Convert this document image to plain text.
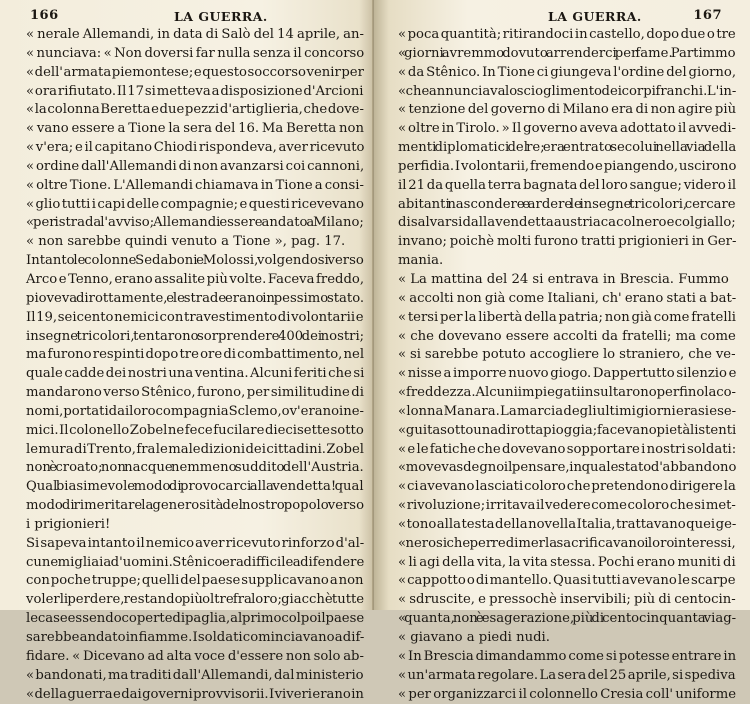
166	LA GUERRA.
« nerale Allemandi, in data di Salò del 14 aprile, an-
« nunciava: « Non doversi far nulla senza il concorso
« dell' armata piemontese; e questo soccorso venir per
« ora rifiutato. Il 17 si metteva a disposizione d'Arcioni
« la colonna Beretta e due pezzi d'artiglieria, che dove-
« vano essere a Tione la sera del 16. Ma Beretta non
« v'era; e il capitano Chiodi rispondeva, aver ricevuto
« ordine dall'Allemandi di non avanzarsi coi cannoni,
« oltre Tione. L'Allemandi chiamava in Tione a consi-
« glio tutti i capi delle compagnie; e questi ricevevano
« per istrada l'avviso; Allemandi essere andato a Milano;
« non sarebbe quindi venuto a Tione », pag. 17.
Intanto le colonne Sedaboni e Molossi, volgendosi verso
Arco e Tenno, erano assalite più volte. Faceva freddo,
pioveva dirottamente, e le strade erano in pessimo stato.
Il 19, seicento nemici con travestimento di volontarii e
insegne tricolori, tentarono sorprendere 400 dei nostri;
ma furono respinti dopo tre ore di combattimento, nel
quale cadde dei nostri una ventina. Alcuni feriti che si
mandarono verso Stênico, furono, per similitudine di
nomi, portati dai loro compagni a Sclemo, ov'erano i ne-
mici. Il colonello Zobel ne fece fucilare diecisette sotto
le mura di Trento, fra le maledizioni dei cittadini. Zobel
non è croato; non nacque nemmeno suddito dell'Austria.
Qual biasimevole modo di provocarci alla vendetta! qual
modo di rimeritare la generosità del nostro popolo verso
i prigionieri!
Si sapeva intanto il nemico aver ricevuto rinforzo d'al-
cune migliaia d'uomini. Stênico era difficile a difendere
con poche truppe; quelli del paese supplicavano a non
volerli perdere, restando più oltre fra loro; giacchè tutte
le case essendo coperte di paglia, al primo colpo il paese
sarebbe andato in fiamme. I soldati cominciavano a dif-
fidare. « Dicevano ad alta voce d'essere non solo ab-
« bandonati, ma traditi dall'Allemandi, dal ministerio
« della guerra e dai governi provvisorii. I viveri erano in
LA GUERRA.	167
« poca quantità; ritirandoci in castello, dopo due o tre
« giorni avremmo dovuto arrenderci per fame. Partimmo
« da Stênico. In Tione ci giungeva l'ordine del giorno,
« che annunciava lo scioglimento dei corpi franchi. L'in-
« tenzione del governo di Milano era di non agire più
« oltre in Tirolo. » Il governo aveva adottato il avvedi-
menti diplomatici del re; era entrato secolui nella via della
perfidia. I volontarii, fremendo e piangendo, uscirono
il 21 da quella terra bagnata del loro sangue; videro il
abitanti nascondere e ardere le insegne tricolori, cercare
di salvarsi dalla vendetta austriaca col nero e col giallo;
invano; poichè molti furono tratti prigionieri in Ger-
mania.
« La mattina del 24 si entrava in Brescia. Fummo
« accolti non già come Italiani, ch' erano stati a bat-
« tersi per la libertà della patria; non già come fratelli
« che dovevano essere accolti da fratelli; ma come
« si sarebbe potuto accogliere lo straniero, che ve-
« nisse a imporre nuovo giogo. Dappertutto silenzio e
« freddezza. Alcuni impiegati insultarono perfino la co-
« lonna Manara. La marcia degli ultimi giorni erasi ese-
« guita sotto una dirotta pioggia; facevano pietà li stenti
« e le fatiche che dovevano sopportare i nostri soldati:
« moveva sdegno il pensare, in quale stato d' abbandono
« ci avevano lasciati coloro che pretendono dirigere la
« rivoluzione; irritava il vedere come coloro che si met-
« tono alla testa della novella Italia, trattavano quei ge-
« nerosi che per redimerla sacrificavano i loro interessi,
« li agi della vita, la vita stessa. Pochi erano muniti di
« cappotto o di mantello. Quasi tutti avevano le scarpe
« sdruscite, e pressochè inservibili; più di centocin-
« quanta, non è esagerazione, più di centocinquanta viag-
« giavano a piedi nudi.
« In Brescia dimandammo come si potesse entrare in
« un'armata regolare. La sera del 25 aprile, si spediva
« per organizzarci il colonnello Cresia coll' uniforme
